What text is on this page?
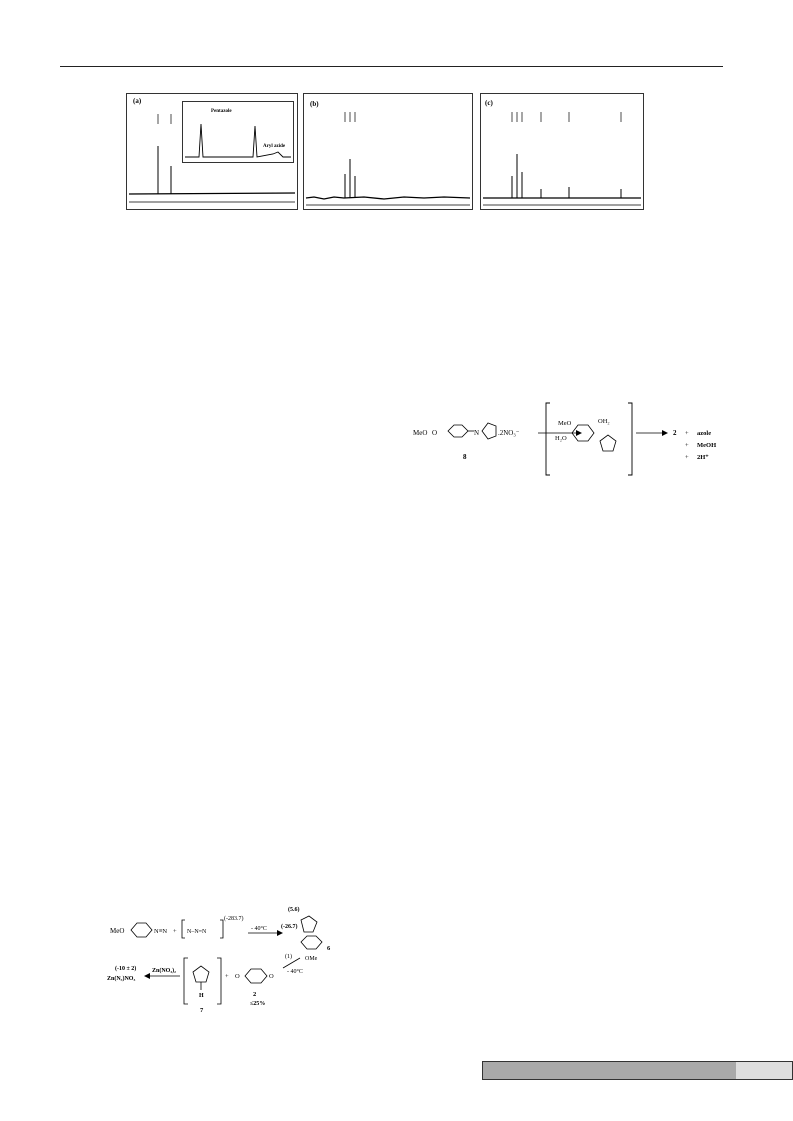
(a)
Pentazole
Aryl azide
(b)	(c)
MeO O	N	.2NO₃⁻
8
MeO
H₂O
OH₂
2 + azole
+ MeOH
+ 2H⁺
MeO	N≡N + N‒N=N
(-283.7)
- 40°C
(5.6)
(-26.7)
OMe
6
(1)
- 40°C
O	O
2
≤25%
+
H
7
Zn(NO₃)₂
(-10 ± 2)
Zn(N₃)NO₃
